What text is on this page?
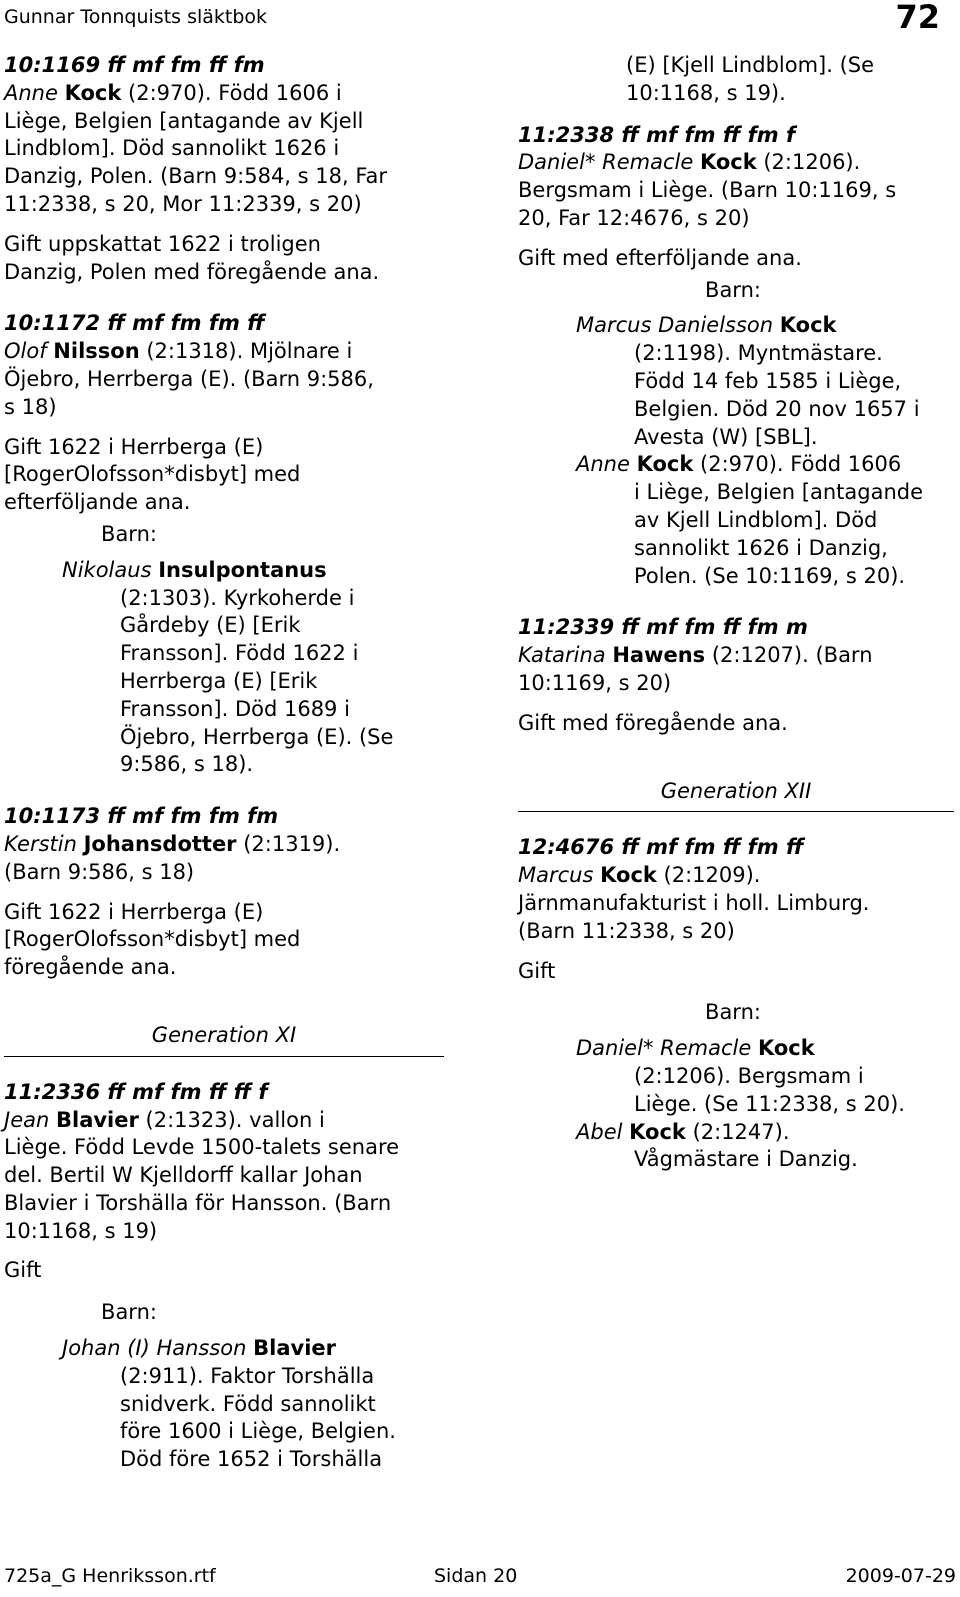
Gunnar Tonnquists släktbok	72
10:1169 ff mf fm ff fm
Anne Kock (2:970). Född 1606 i
Liège, Belgien [antagande av Kjell
Lindblom]. Död sannolikt 1626 i
Danzig, Polen. (Barn 9:584, s 18, Far
11:2338, s 20, Mor 11:2339, s 20)
Gift uppskattat 1622 i troligen
Danzig, Polen med föregående ana.
10:1172 ff mf fm fm ff
Olof Nilsson (2:1318). Mjölnare i
Öjebro, Herrberga (E). (Barn 9:586,
s 18)
Gift 1622 i Herrberga (E)
[RogerOlofsson*disbyt] med
efterföljande ana.
Barn:
Nikolaus Insulpontanus
(2:1303). Kyrkoherde i
Gårdeby (E) [Erik
Fransson]. Född 1622 i
Herrberga (E) [Erik
Fransson]. Död 1689 i
Öjebro, Herrberga (E). (Se
9:586, s 18).
10:1173 ff mf fm fm fm
Kerstin Johansdotter (2:1319).
(Barn 9:586, s 18)
Gift 1622 i Herrberga (E)
[RogerOlofsson*disbyt] med
föregående ana.
Generation XI
11:2336 ff mf fm ff ff f
Jean Blavier (2:1323). vallon i
Liège. Född Levde 1500-talets senare
del. Bertil W Kjelldorff kallar Johan
Blavier i Torshälla för Hansson. (Barn
10:1168, s 19)
Gift
Barn:
Johan (I) Hansson Blavier
(2:911). Faktor Torshälla
snidverk. Född sannolikt
före 1600 i Liège, Belgien.
Död före 1652 i Torshälla
(E) [Kjell Lindblom]. (Se
10:1168, s 19).
11:2338 ff mf fm ff fm f
Daniel* Remacle Kock (2:1206).
Bergsmam i Liège. (Barn 10:1169, s
20, Far 12:4676, s 20)
Gift med efterföljande ana.
Barn:
Marcus Danielsson Kock
(2:1198). Myntmästare.
Född 14 feb 1585 i Liège,
Belgien. Död 20 nov 1657 i
Avesta (W) [SBL].
Anne Kock (2:970). Född 1606
i Liège, Belgien [antagande
av Kjell Lindblom]. Död
sannolikt 1626 i Danzig,
Polen. (Se 10:1169, s 20).
11:2339 ff mf fm ff fm m
Katarina Hawens (2:1207). (Barn
10:1169, s 20)
Gift med föregående ana.
Generation XII
12:4676 ff mf fm ff fm ff
Marcus Kock (2:1209).
Järnmanufakturist i holl. Limburg.
(Barn 11:2338, s 20)
Gift
Barn:
Daniel* Remacle Kock
(2:1206). Bergsmam i
Liège. (Se 11:2338, s 20).
Abel Kock (2:1247).
Vågmästare i Danzig.
725a_G Henriksson.rtf	Sidan 20	2009-07-29
